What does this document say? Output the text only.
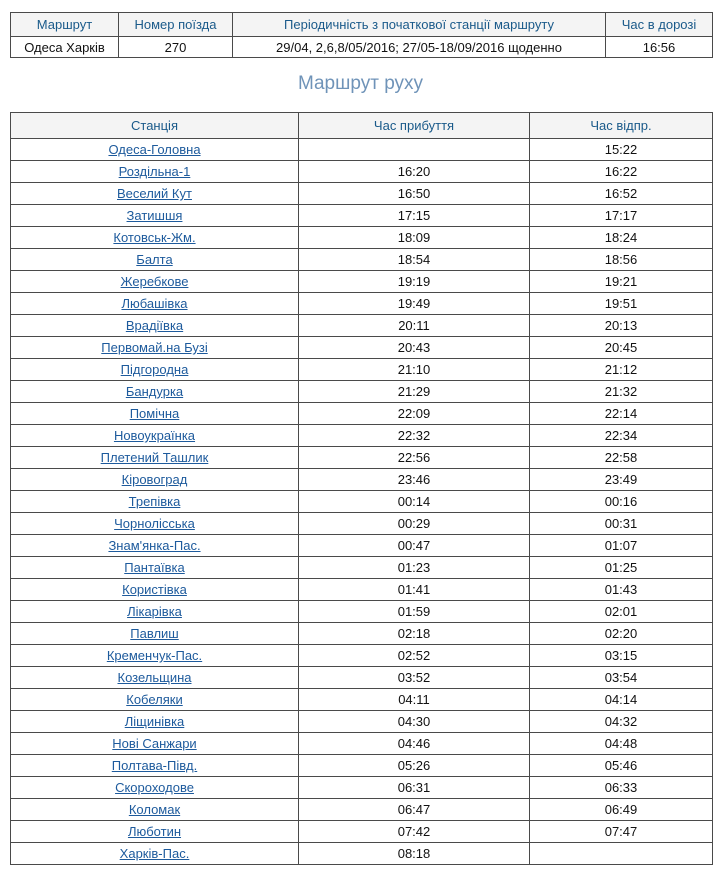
Маршрут	Номер поїзда	Періодичність з початкової станції маршруту	Час в дорозі
Одеса Харків	270	29/04, 2,6,8/05/2016; 27/05-18/09/2016 щоденно	16:56
Маршрут руху
Станція	Час прибуття	Час відпр.
Одеса-Головна		15:22
Роздільна-1	16:20	16:22
Веселий Кут	16:50	16:52
Затишшя	17:15	17:17
Котовськ-Жм.	18:09	18:24
Балта	18:54	18:56
Жеребкове	19:19	19:21
Любашівка	19:49	19:51
Врадіївка	20:11	20:13
Первомай.на Бузі	20:43	20:45
Підгородна	21:10	21:12
Бандурка	21:29	21:32
Помічна	22:09	22:14
Новоукраїнка	22:32	22:34
Плетений Ташлик	22:56	22:58
Кіровоград	23:46	23:49
Трепівка	00:14	00:16
Чорнолісська	00:29	00:31
Знам'янка-Пас.	00:47	01:07
Пантаївка	01:23	01:25
Користівка	01:41	01:43
Лікарівка	01:59	02:01
Павлиш	02:18	02:20
Кременчук-Пас.	02:52	03:15
Козельщина	03:52	03:54
Кобеляки	04:11	04:14
Ліщинівка	04:30	04:32
Нові Санжари	04:46	04:48
Полтава-Півд.	05:26	05:46
Скороходове	06:31	06:33
Коломак	06:47	06:49
Люботин	07:42	07:47
Харків-Пас.	08:18	
